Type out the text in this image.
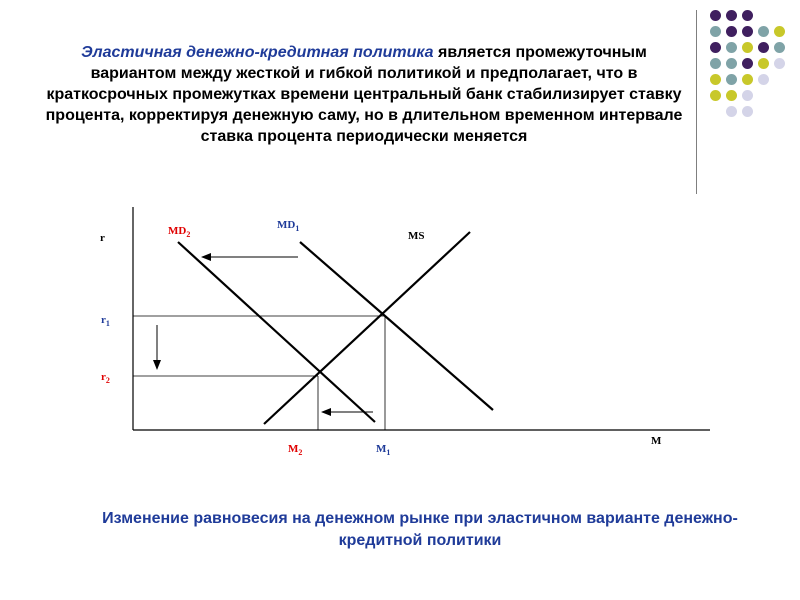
Эластичная денежно-кредитная политика является промежуточным вариантом между жесткой и гибкой политикой и предполагает, что в краткосрочных промежутках времени центральный банк стабилизирует ставку процента, корректируя денежную саму, но в длительном временном интервале ставка процента периодически меняется
r
M
MS
$MD_2$
$MD_1$
$r_1$
$r_2$
$M_2$	$M_1$
Изменение равновесия на денежном рынке при эластичном варианте денежно-кредитной политики
